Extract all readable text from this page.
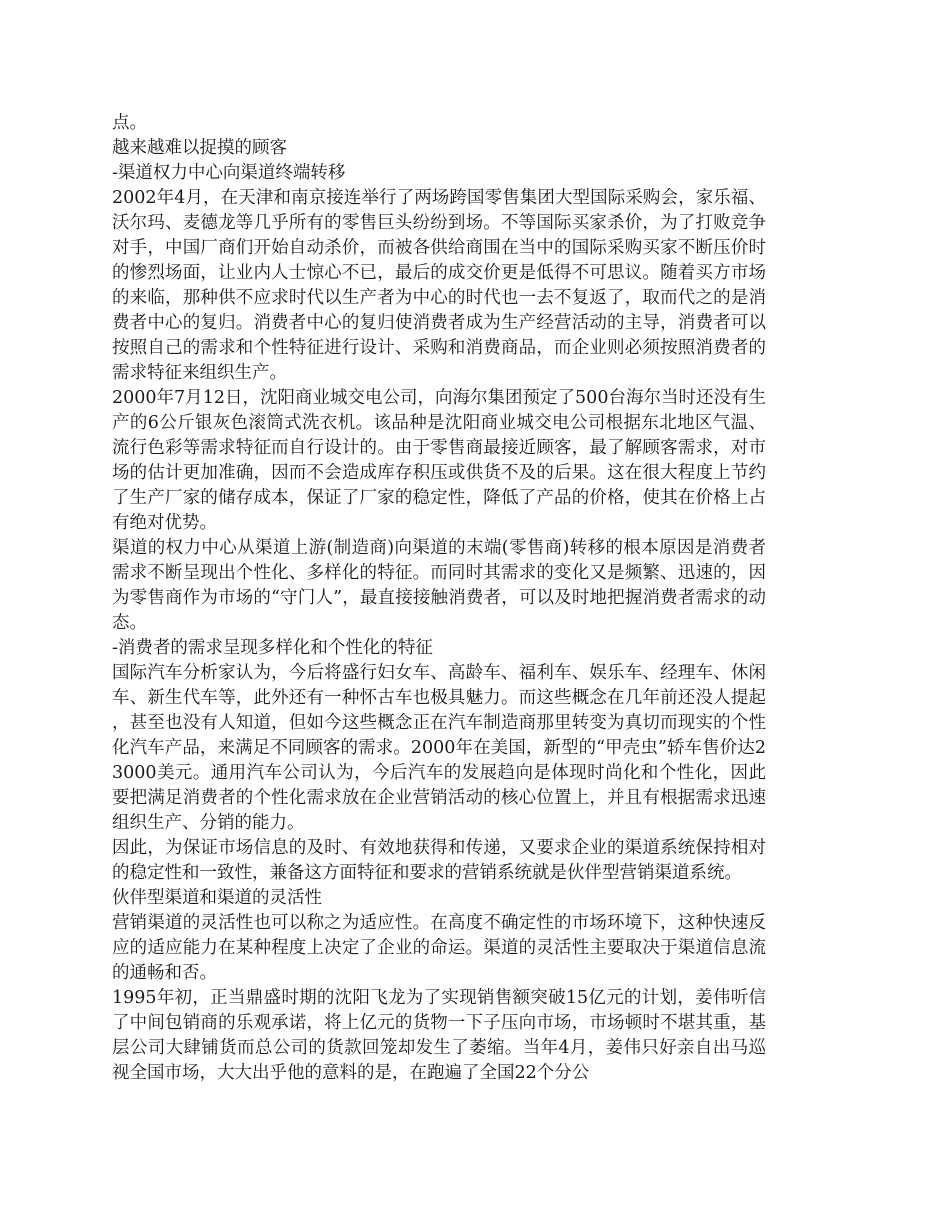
点。
越来越难以捉摸的顾客
-渠道权力中心向渠道终端转移
2002年4月，在天津和南京接连举行了两场跨国零售集团大型国际采购会，家乐福、沃尔玛、麦德龙等几乎所有的零售巨头纷纷到场。不等国际买家杀价，为了打败竞争对手，中国厂商们开始自动杀价，而被各供给商围在当中的国际采购买家不断压价时的惨烈场面，让业内人士惊心不已，最后的成交价更是低得不可思议。随着买方市场的来临，那种供不应求时代以生产者为中心的时代也一去不复返了，取而代之的是消费者中心的复归。消费者中心的复归使消费者成为生产经营活动的主导，消费者可以按照自己的需求和个性特征进行设计、采购和消费商品，而企业则必须按照消费者的需求特征来组织生产。
2000年7月12日，沈阳商业城交电公司，向海尔集团预定了500台海尔当时还没有生产的6公斤银灰色滚筒式洗衣机。该品种是沈阳商业城交电公司根据东北地区气温、流行色彩等需求特征而自行设计的。由于零售商最接近顾客，最了解顾客需求，对市场的估计更加准确，因而不会造成库存积压或供货不及的后果。这在很大程度上节约了生产厂家的储存成本，保证了厂家的稳定性，降低了产品的价格，使其在价格上占有绝对优势。
渠道的权力中心从渠道上游(制造商)向渠道的末端(零售商)转移的根本原因是消费者需求不断呈现出个性化、多样化的特征。而同时其需求的变化又是频繁、迅速的，因为零售商作为市场的“守门人”，最直接接触消费者，可以及时地把握消费者需求的动态。
-消费者的需求呈现多样化和个性化的特征
国际汽车分析家认为，今后将盛行妇女车、高龄车、福利车、娱乐车、经理车、休闲车、新生代车等，此外还有一种怀古车也极具魅力。而这些概念在几年前还没人提起，甚至也没有人知道，但如今这些概念正在汽车制造商那里转变为真切而现实的个性化汽车产品，来满足不同顾客的需求。2000年在美国，新型的“甲壳虫”轿车售价达23000美元。通用汽车公司认为，今后汽车的发展趋向是体现时尚化和个性化，因此要把满足消费者的个性化需求放在企业营销活动的核心位置上，并且有根据需求迅速组织生产、分销的能力。
因此，为保证市场信息的及时、有效地获得和传递，又要求企业的渠道系统保持相对的稳定性和一致性，兼备这方面特征和要求的营销系统就是伙伴型营销渠道系统。
伙伴型渠道和渠道的灵活性
营销渠道的灵活性也可以称之为适应性。在高度不确定性的市场环境下，这种快速反应的适应能力在某种程度上决定了企业的命运。渠道的灵活性主要取决于渠道信息流的通畅和否。
1995年初，正当鼎盛时期的沈阳飞龙为了实现销售额突破15亿元的计划，姜伟听信了中间包销商的乐观承诺，将上亿元的货物一下子压向市场，市场顿时不堪其重，基层公司大肆铺货而总公司的货款回笼却发生了萎缩。当年4月，姜伟只好亲自出马巡视全国市场，大大出乎他的意料的是，在跑遍了全国22个分公
